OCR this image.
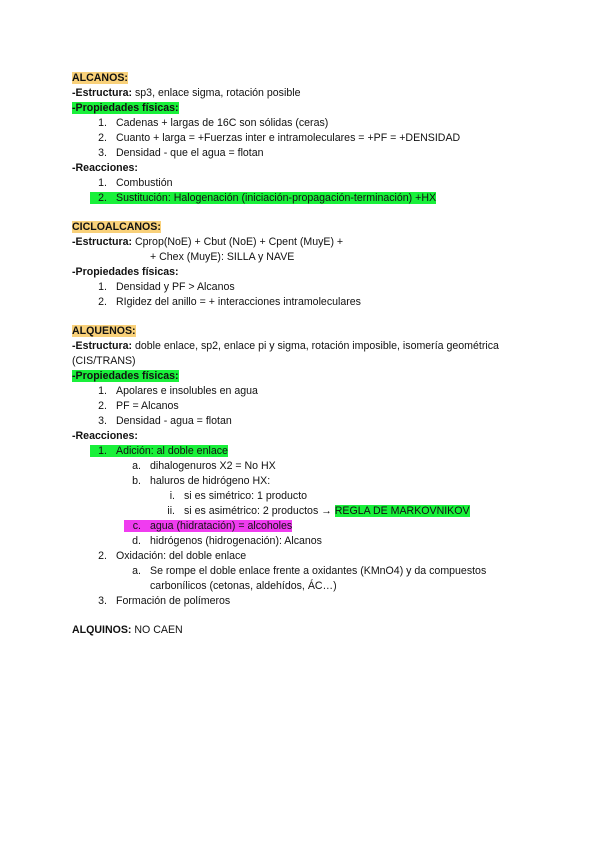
ALCANOS:
-Estructura: sp3, enlace sigma, rotación posible
-Propiedades físicas:
1. Cadenas + largas de 16C son sólidas (ceras)
2. Cuanto + larga = +Fuerzas inter e intramoleculares = +PF = +DENSIDAD
3. Densidad - que el agua = flotan
-Reacciones:
1. Combustión
2. Sustitución: Halogenación (iniciación-propagación-terminación) +HX
CICLOALCANOS:
-Estructura: Cprop(NoE) + Cbut (NoE) + Cpent (MuyE) +
+ Chex (MuyE): SILLA y NAVE
-Propiedades físicas:
1. Densidad y PF > Alcanos
2. RIgidez del anillo = + interacciones intramoleculares
ALQUENOS:
-Estructura: doble enlace, sp2, enlace pi y sigma, rotación imposible, isomería geométrica (CIS/TRANS)
-Propiedades físicas:
1. Apolares e insolubles en agua
2. PF = Alcanos
3. Densidad - agua = flotan
-Reacciones:
1. Adición: al doble enlace
a. dihalogenuros X2 = No HX
b. haluros de hidrógeno HX:
i. si es simétrico: 1 producto
ii. si es asimétrico: 2 productos → REGLA DE MARKOVNIKOV
c. agua (hidratación) = alcoholes
d. hidrógenos (hidrogenación): Alcanos
2. Oxidación: del doble enlace
a. Se rompe el doble enlace frente a oxidantes (KMnO4) y da compuestos carbonílicos (cetonas, aldehídos, ÁC…)
3. Formación de polímeros
ALQUINOS: NO CAEN
